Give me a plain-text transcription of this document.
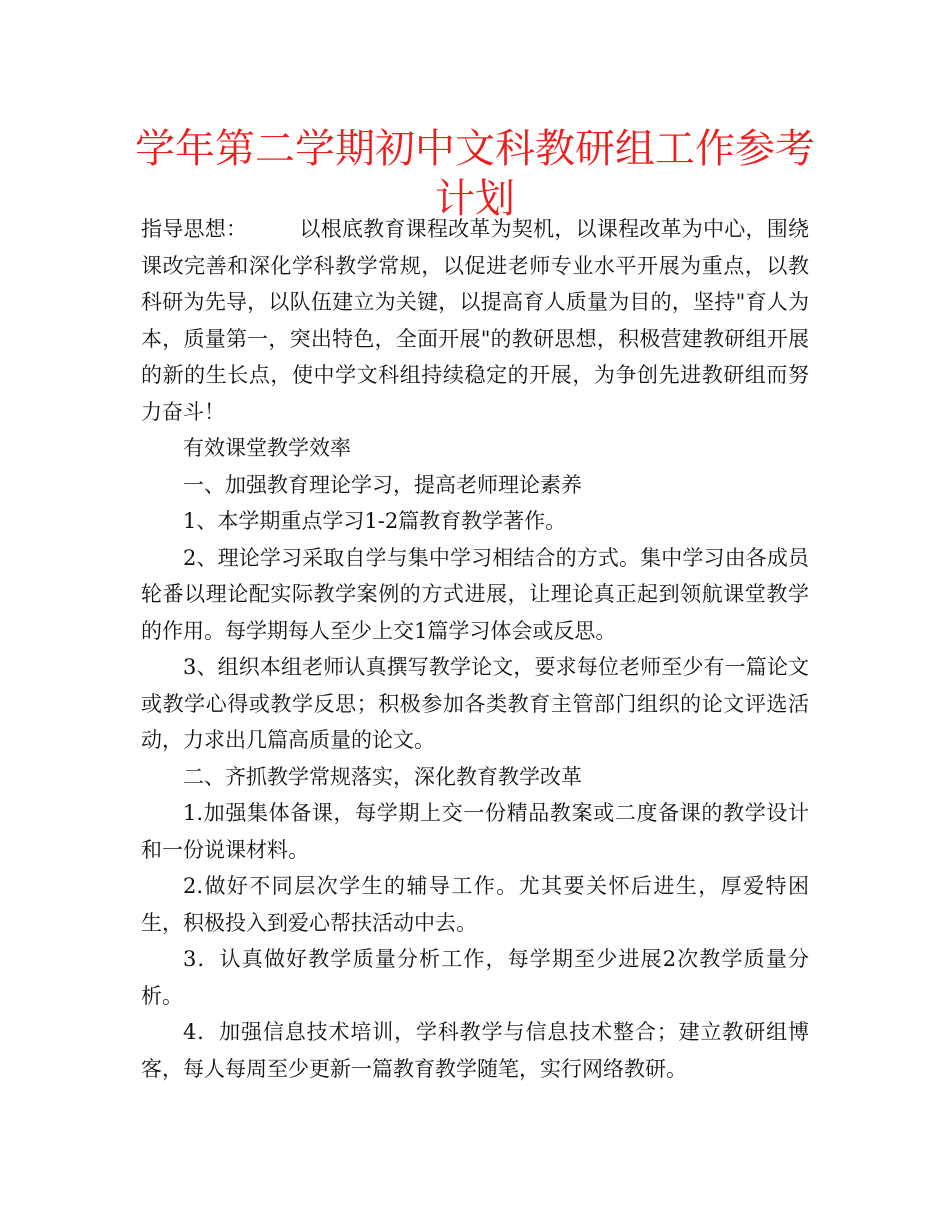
学年第二学期初中文科教研组工作参考计划

指导思想： 以根底教育课程改革为契机，以课程改革为中心，围绕课改完善和深化学科教学常规，以促进老师专业水平开展为重点，以教科研为先导，以队伍建立为关键，以提高育人质量为目的，坚持"育人为本，质量第一，突出特色，全面开展"的教研思想，积极营建教研组开展的新的生长点，使中学文科组持续稳定的开展，为争创先进教研组而努力奋斗！

有效课堂教学效率

一、加强教育理论学习，提高老师理论素养

1、本学期重点学习1-2篇教育教学著作。

2、理论学习采取自学与集中学习相结合的方式。集中学习由各成员轮番以理论配实际教学案例的方式进展，让理论真正起到领航课堂教学的作用。每学期每人至少上交1篇学习体会或反思。

3、组织本组老师认真撰写教学论文，要求每位老师至少有一篇论文或教学心得或教学反思；积极参加各类教育主管部门组织的论文评选活动，力求出几篇高质量的论文。

二、齐抓教学常规落实，深化教育教学改革

1.加强集体备课，每学期上交一份精品教案或二度备课的教学设计和一份说课材料。

2.做好不同层次学生的辅导工作。尤其要关怀后进生，厚爱特困生，积极投入到爱心帮扶活动中去。

3．认真做好教学质量分析工作，每学期至少进展2次教学质量分析。

4．加强信息技术培训，学科教学与信息技术整合；建立教研组博客，每人每周至少更新一篇教育教学随笔，实行网络教研。
